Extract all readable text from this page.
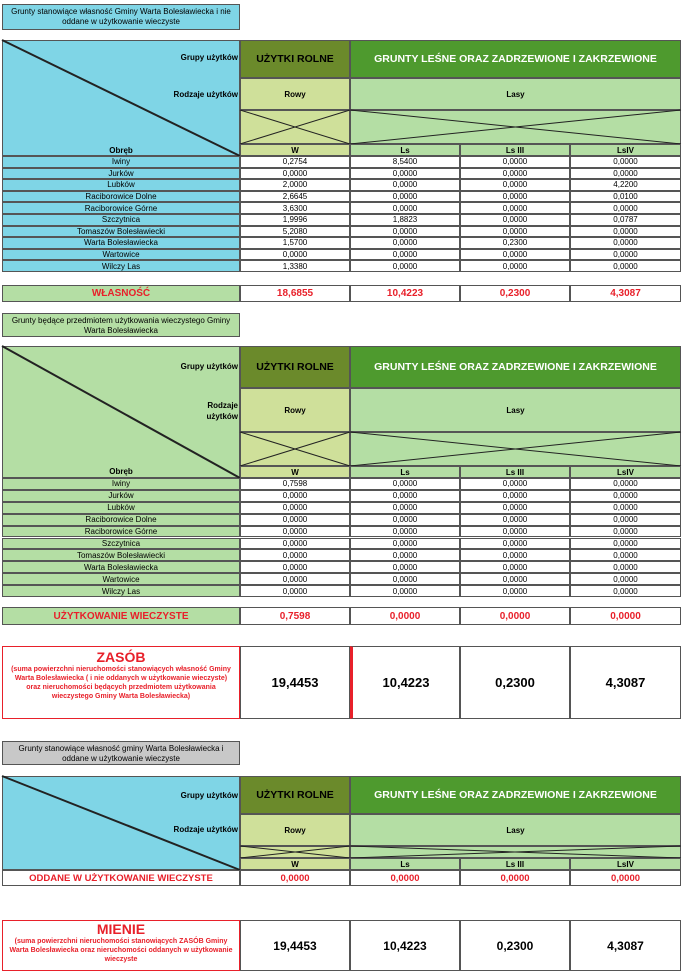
Grunty stanowiące własność Gminy Warta Bolesławiecka i nie oddane w użytkowanie wieczyste
Grupy użytków
Rodzaje użytków
Obręb
UŻYTKI ROLNE	GRUNTY LEŚNE ORAZ ZADRZEWIONE I ZAKRZEWIONE
Rowy	Lasy
W	Ls	Ls III	LsIV
Iwiny	0,2754	8,5400	0,0000	0,0000
Jurków	0,0000	0,0000	0,0000	0,0000
Lubków	2,0000	0,0000	0,0000	4,2200
Raciborowice Dolne	2,6645	0,0000	0,0000	0,0100
Raciborowice Górne	3,6300	0,0000	0,0000	0,0000
Szczytnica	1,9996	1,8823	0,0000	0,0787
Tomaszów Bolesławiecki	5,2080	0,0000	0,0000	0,0000
Warta Bolesławiecka	1,5700	0,0000	0,2300	0,0000
Wartowice	0,0000	0,0000	0,0000	0,0000
Wilczy Las	1,3380	0,0000	0,0000	0,0000
WŁASNOŚĆ	18,6855	10,4223	0,2300	4,3087
Grunty będące przedmiotem użytkowania wieczystego Gminy Warta Bolesławiecka
Grupy użytków
Rodzaje użytków
Obręb
UŻYTKI ROLNE	GRUNTY LEŚNE ORAZ ZADRZEWIONE I ZAKRZEWIONE
Rowy	Lasy
W	Ls	Ls III	LsIV
Iwiny	0,7598	0,0000	0,0000	0,0000
Jurków	0,0000	0,0000	0,0000	0,0000
Lubków	0,0000	0,0000	0,0000	0,0000
Raciborowice Dolne	0,0000	0,0000	0,0000	0,0000
Raciborowice Górne	0,0000	0,0000	0,0000	0,0000
Szczytnica	0,0000	0,0000	0,0000	0,0000
Tomaszów Bolesławiecki	0,0000	0,0000	0,0000	0,0000
Warta Bolesławiecka	0,0000	0,0000	0,0000	0,0000
Wartowice	0,0000	0,0000	0,0000	0,0000
Wilczy Las	0,0000	0,0000	0,0000	0,0000
UŻYTKOWANIE WIECZYSTE	0,7598	0,0000	0,0000	0,0000
ZASÓB
(suma powierzchni nieruchomości stanowiących własność Gminy Warta Bolesławiecka ( i nie oddanych w użytkowanie wieczyste) oraz nieruchomości będących przedmiotem użytkowania wieczystego Gminy Warta Bolesławiecka)
19,4453	10,4223	0,2300	4,3087
Grunty stanowiące własność gminy Warta Bolesławiecka i oddane w użytkowanie wieczyste
Grupy użytków
Rodzaje użytków
UŻYTKI ROLNE	GRUNTY LEŚNE ORAZ ZADRZEWIONE I ZAKRZEWIONE
Rowy	Lasy
W	Ls	Ls III	LsIV
ODDANE W UŻYTKOWANIE WIECZYSTE	0,0000	0,0000	0,0000	0,0000
MIENIE
(suma powierzchni nieruchomości stanowiących ZASÓB Gminy Warta Bolesławiecka oraz nieruchomości oddanych w użytkowanie wieczyste
19,4453	10,4223	0,2300	4,3087
